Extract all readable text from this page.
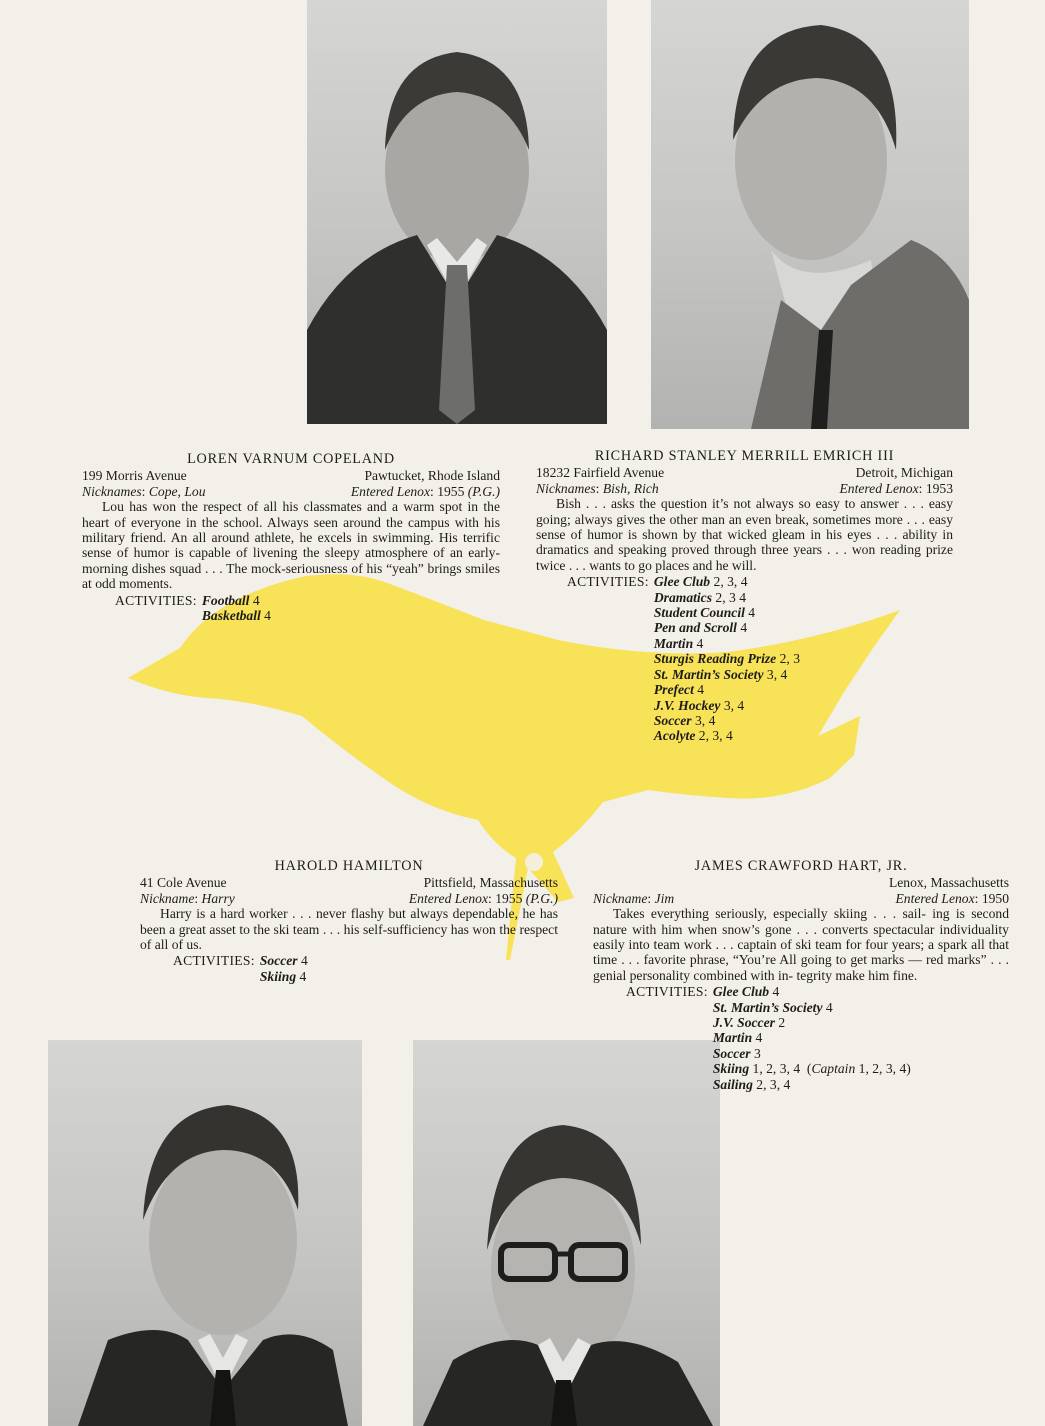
LOREN VARNUM COPELAND
199 Morris Avenue	Pawtucket, Rhode Island
Nicknames: Cope, Lou	Entered Lenox: 1955 (P.G.)
Lou has won the respect of all his classmates and a warm spot in the heart of everyone in the school. Always seen around the campus with his military friend. An all around athlete, he excels in swimming. His terrific sense of humor is capable of livening the sleepy atmosphere of an early-morning dishes squad . . . The mock-seriousness of his “yeah” brings smiles at odd moments.
ACTIVITIES: Football 4
Basketball 4
RICHARD STANLEY MERRILL EMRICH III
18232 Fairfield Avenue	Detroit, Michigan
Nicknames: Bish, Rich	Entered Lenox: 1953
Bish . . . asks the question it’s not always so easy to answer . . . easy going; always gives the other man an even break, sometimes more . . . easy sense of humor is shown by that wicked gleam in his eyes . . . ability in dramatics and speaking proved through three years . . . won reading prize twice . . . wants to go places and he will.
ACTIVITIES: Glee Club 2, 3, 4
Dramatics 2, 3 4
Student Council 4
Pen and Scroll 4
Martin 4
Sturgis Reading Prize 2, 3
St. Martin’s Society 3, 4
Prefect 4
J.V. Hockey 3, 4
Soccer 3, 4
Acolyte 2, 3, 4
HAROLD HAMILTON
41 Cole Avenue	Pittsfield, Massachusetts
Nickname: Harry	Entered Lenox: 1955 (P.G.)
Harry is a hard worker . . . never flashy but always dependable, he has been a great asset to the ski team . . . his self-sufficiency has won the respect of all of us.
ACTIVITIES: Soccer 4
Skiing 4
JAMES CRAWFORD HART, JR.
Lenox, Massachusetts
Nickname: Jim	Entered Lenox: 1950
Takes everything seriously, especially skiing . . . sail- ing is second nature with him when snow’s gone . . . converts spectacular individuality easily into team work . . . captain of ski team for four years; a spark all that time . . . favorite phrase, “You’re All going to get marks — red marks” . . . genial personality combined with in- tegrity make him fine.
ACTIVITIES: Glee Club 4
St. Martin’s Society 4
J.V. Soccer 2
Martin 4
Soccer 3
Skiing 1, 2, 3, 4 (Captain 1, 2, 3, 4)
Sailing 2, 3, 4
